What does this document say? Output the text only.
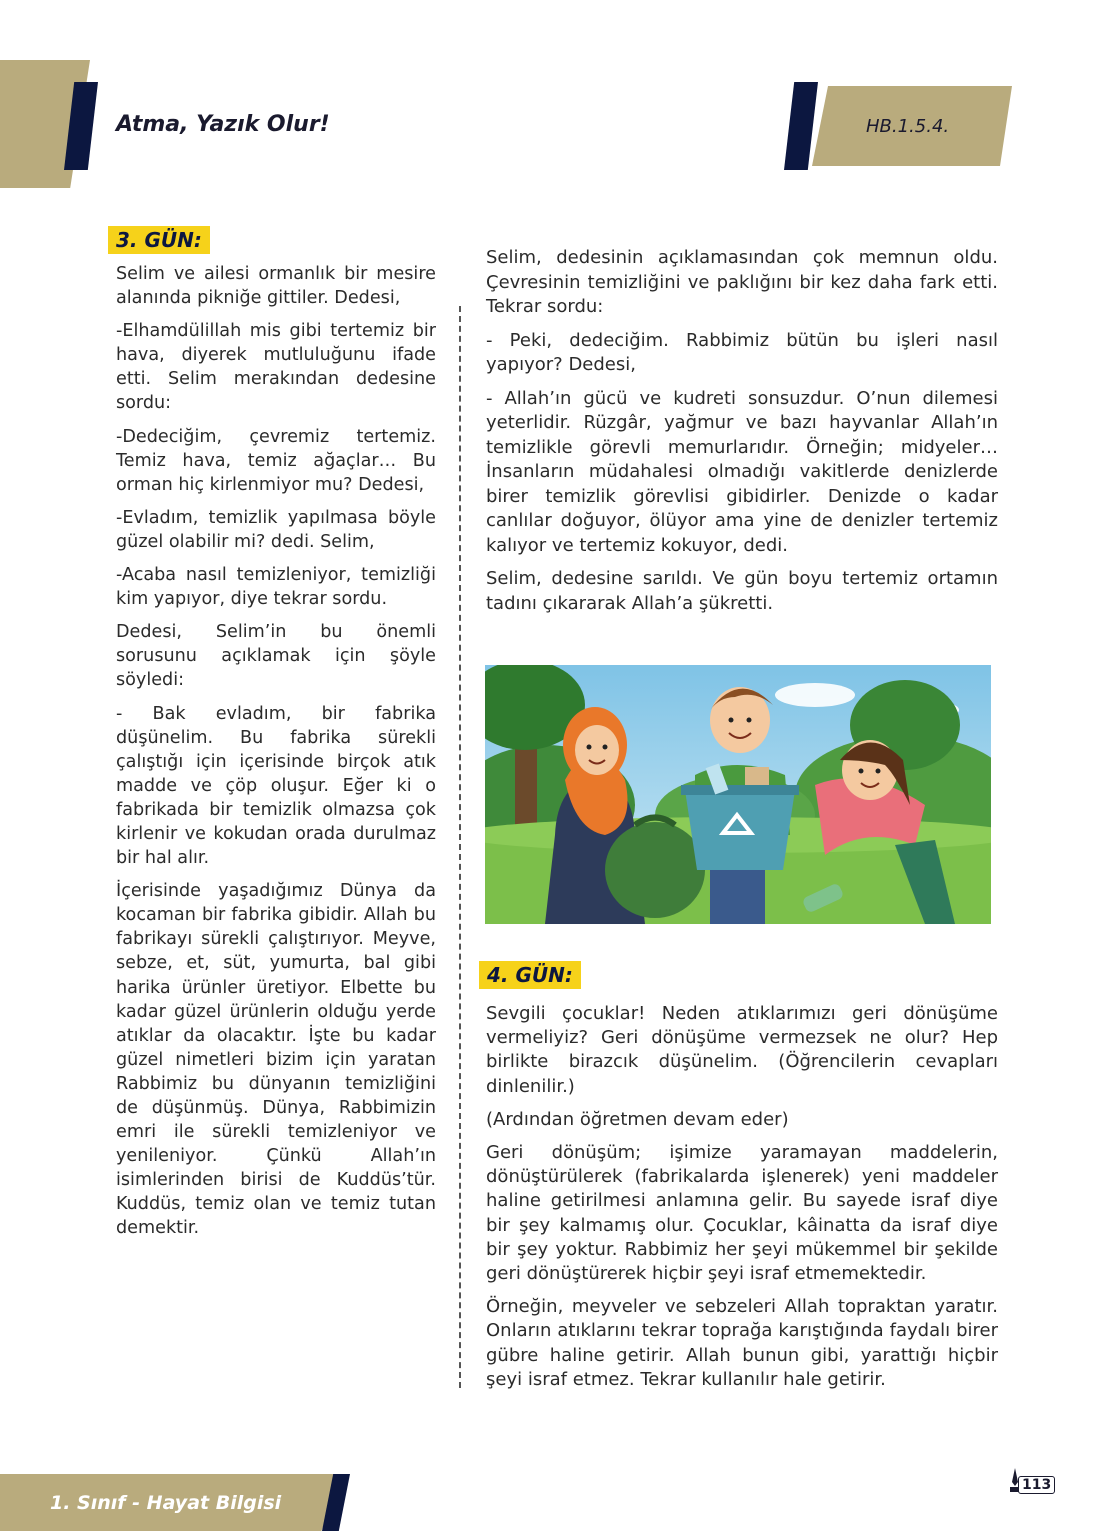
Atma, Yazık Olur!	HB.1.5.4.
3. GÜN:

Selim ve ailesi ormanlık bir mesire alanında pikniğe gittiler. Dedesi,

-Elhamdülillah mis gibi tertemiz bir hava, diyerek mutluluğunu ifade etti. Selim merakından dedesine sordu:

-Dedeciğim, çevremiz tertemiz. Temiz hava, temiz ağaçlar… Bu orman hiç kirlenmiyor mu? Dedesi,

-Evladım, temizlik yapılmasa böyle güzel olabilir mi? dedi. Selim,

-Acaba nasıl temizleniyor, temizliği kim yapıyor, diye tekrar sordu.

Dedesi, Selim’in bu önemli sorusunu açıklamak için şöyle söyledi:

- Bak evladım, bir fabrika düşünelim. Bu fabrika sürekli çalıştığı için içerisinde birçok atık madde ve çöp oluşur. Eğer ki o fabrikada bir temizlik olmazsa çok kirlenir ve kokudan orada durulmaz bir hal alır.

İçerisinde yaşadığımız Dünya da kocaman bir fabrika gibidir. Allah bu fabrikayı sürekli çalıştırıyor. Meyve, sebze, et, süt, yumurta, bal gibi harika ürünler üretiyor. Elbette bu kadar güzel ürünlerin olduğu yerde atıklar da olacaktır. İşte bu kadar güzel nimetleri bizim için yaratan Rabbimiz bu dünyanın temizliğini de düşünmüş. Dünya, Rabbimizin emri ile sürekli temizleniyor ve yenileniyor. Çünkü Allah’ın isimlerinden birisi de Kuddüs’tür. Kuddüs, temiz olan ve temiz tutan demektir.

Selim, dedesinin açıklamasından çok memnun oldu. Çevresinin temizliğini ve paklığını bir kez daha fark etti. Tekrar sordu:

- Peki, dedeciğim. Rabbimiz bütün bu işleri nasıl yapıyor? Dedesi,

- Allah’ın gücü ve kudreti sonsuzdur. O’nun dilemesi yeterlidir. Rüzgâr, yağmur ve bazı hayvanlar Allah’ın temizlikle görevli memurlarıdır. Örneğin; midyeler… İnsanların müdahalesi olmadığı vakitlerde denizlerde birer temizlik görevlisi gibidirler. Denizde o kadar canlılar doğuyor, ölüyor ama yine de denizler tertemiz kalıyor ve tertemiz kokuyor, dedi.

Selim, dedesine sarıldı. Ve gün boyu tertemiz ortamın tadını çıkararak Allah’a şükretti.

4. GÜN:

Sevgili çocuklar! Neden atıklarımızı geri dönüşüme vermeliyiz? Geri dönüşüme vermezsek ne olur? Hep birlikte birazcık düşünelim. (Öğrencilerin cevapları dinlenilir.)

(Ardından öğretmen devam eder)

Geri dönüşüm; işimize yaramayan maddelerin, dönüştürülerek (fabrikalarda işlenerek) yeni maddeler haline getirilmesi anlamına gelir. Bu sayede israf diye bir şey kalmamış olur. Çocuklar, kâinatta da israf diye bir şey yoktur. Rabbimiz her şeyi mükemmel bir şekilde geri dönüştürerek hiçbir şeyi israf etmemektedir.

Örneğin, meyveler ve sebzeleri Allah topraktan yaratır. Onların atıklarını tekrar toprağa karıştığında faydalı birer gübre haline getirir. Allah bunun gibi, yarattığı hiçbir şeyi israf etmez. Tekrar kullanılır hale getirir.

1. Sınıf - Hayat Bilgisi
113
